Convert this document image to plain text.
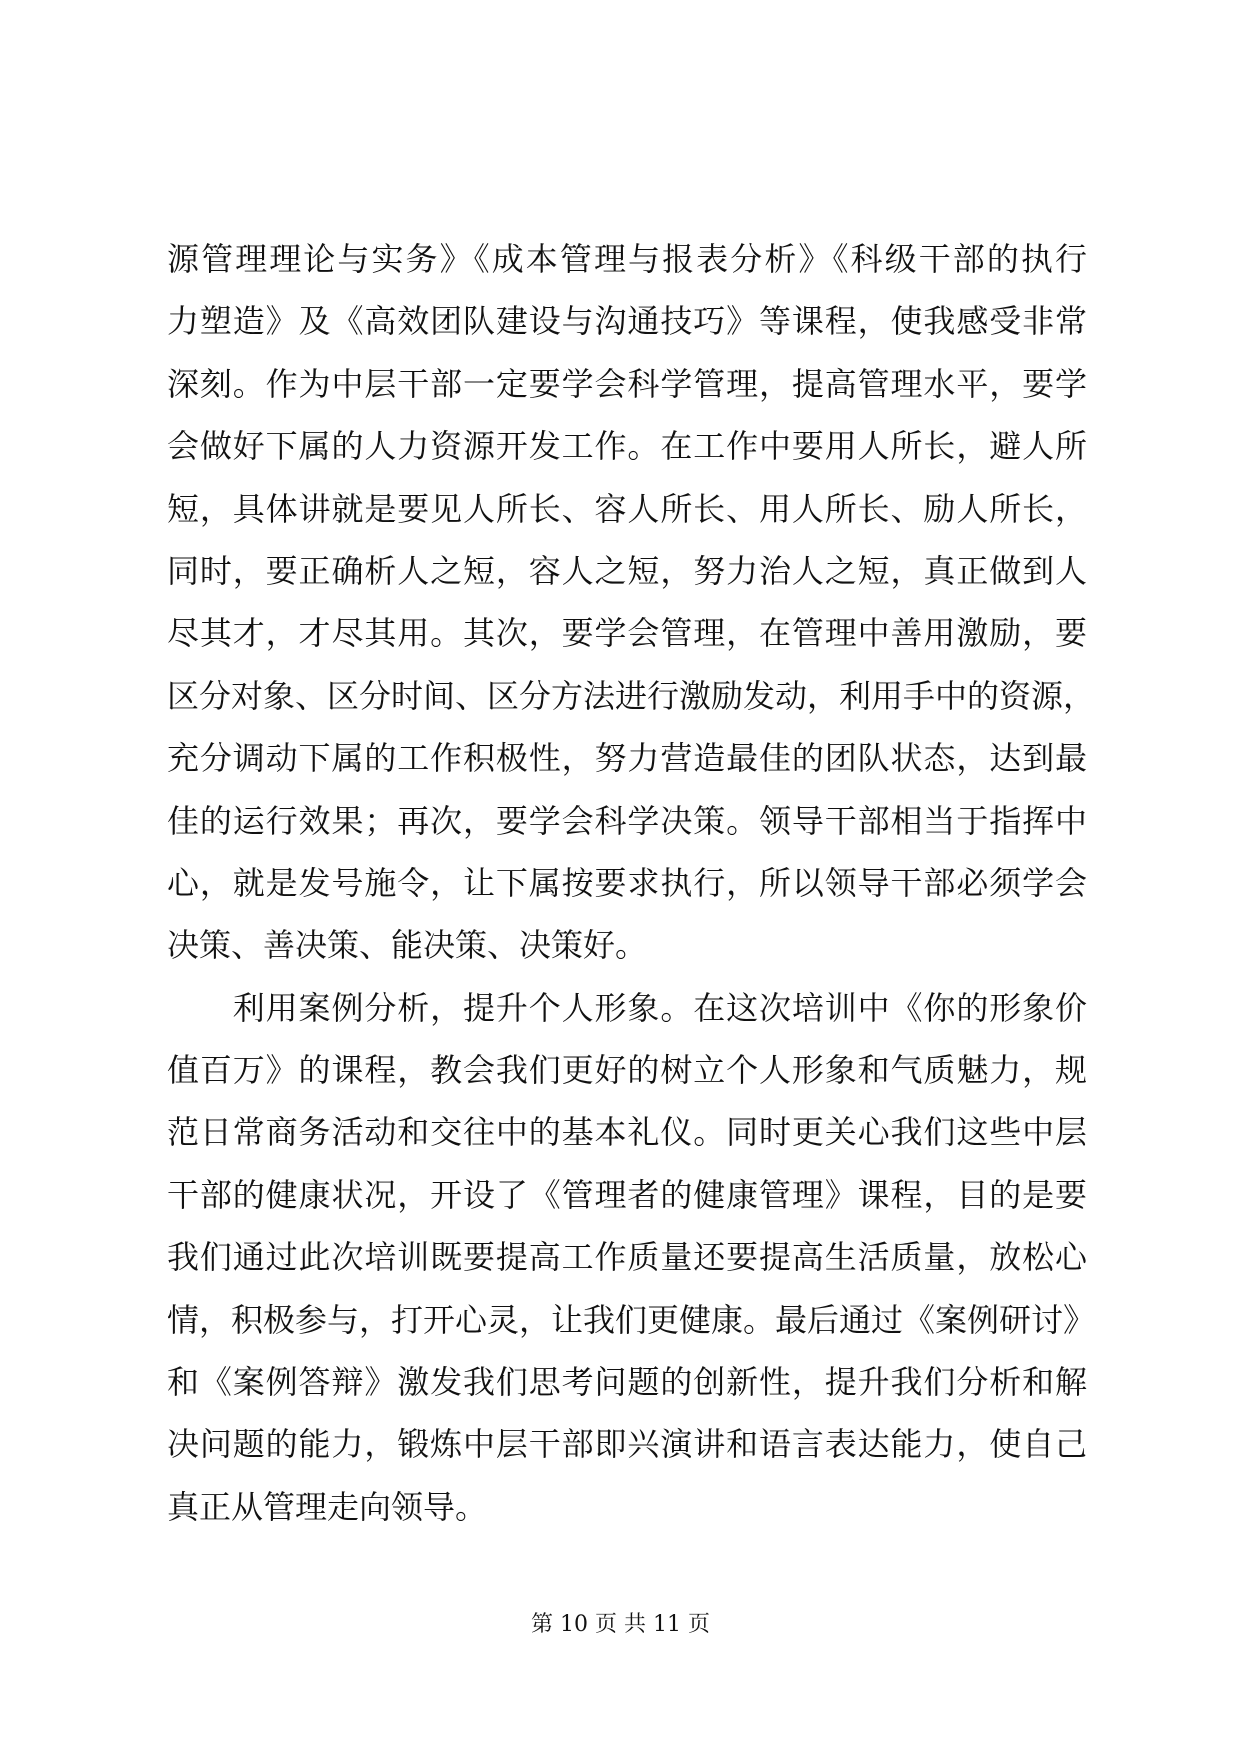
源管理理论与实务》《成本管理与报表分析》《科级干部的执行
力塑造》及《高效团队建设与沟通技巧》等课程，使我感受非常
深刻。作为中层干部一定要学会科学管理，提高管理水平，要学
会做好下属的人力资源开发工作。在工作中要用人所长，避人所
短，具体讲就是要见人所长、容人所长、用人所长、励人所长，
同时，要正确析人之短，容人之短，努力治人之短，真正做到人
尽其才，才尽其用。其次，要学会管理，在管理中善用激励，要
区分对象、区分时间、区分方法进行激励发动，利用手中的资源，
充分调动下属的工作积极性，努力营造最佳的团队状态，达到最
佳的运行效果；再次，要学会科学决策。领导干部相当于指挥中
心，就是发号施令，让下属按要求执行，所以领导干部必须学会
决策、善决策、能决策、决策好。
　　利用案例分析，提升个人形象。在这次培训中《你的形象价
值百万》的课程，教会我们更好的树立个人形象和气质魅力，规
范日常商务活动和交往中的基本礼仪。同时更关心我们这些中层
干部的健康状况，开设了《管理者的健康管理》课程，目的是要
我们通过此次培训既要提高工作质量还要提高生活质量，放松心
情，积极参与，打开心灵，让我们更健康。最后通过《案例研讨》
和《案例答辩》激发我们思考问题的创新性，提升我们分析和解
决问题的能力，锻炼中层干部即兴演讲和语言表达能力，使自己
真正从管理走向领导。
第 10 页 共 11 页
